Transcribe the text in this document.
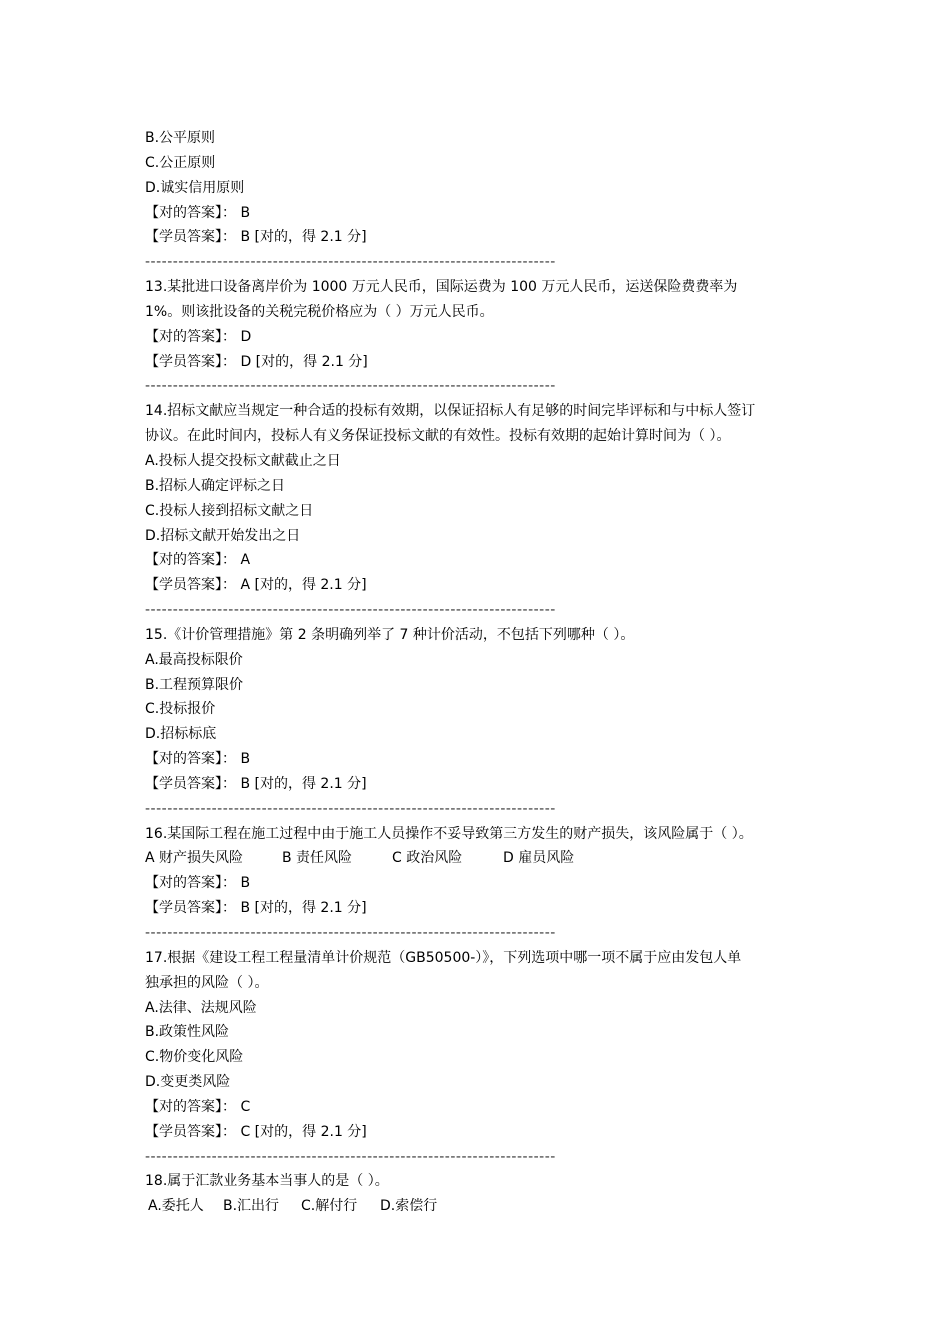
B.公平原则
C.公正原则
D.诚实信用原则
【对的答案】： B
【学员答案】： B [对的，得 2.1 分]
--------------------------------------------------------------------------
13.某批进口设备离岸价为 1000 万元人民币，国际运费为 100 万元人民币，运送保险费费率为
1%。则该批设备的关税完税价格应为（ ）万元人民币。
【对的答案】： D
【学员答案】： D [对的，得 2.1 分]
--------------------------------------------------------------------------
14.招标文献应当规定一种合适的投标有效期，以保证招标人有足够的时间完毕评标和与中标人签订
协议。在此时间内，投标人有义务保证投标文献的有效性。投标有效期的起始计算时间为（ ）。
A.投标人提交投标文献截止之日
B.招标人确定评标之日
C.投标人接到招标文献之日
D.招标文献开始发出之日
【对的答案】： A
【学员答案】： A [对的，得 2.1 分]
--------------------------------------------------------------------------
15.《计价管理措施》第 2 条明确列举了 7 种计价活动，不包括下列哪种（ ）。
A.最高投标限价
B.工程预算限价
C.投标报价
D.招标标底
【对的答案】： B
【学员答案】： B [对的，得 2.1 分]
--------------------------------------------------------------------------
16.某国际工程在施工过程中由于施工人员操作不妥导致第三方发生的财产损失，该风险属于（ ）。
A 财产损失风险	B 责任风险	C 政治风险	D 雇员风险
【对的答案】： B
【学员答案】： B [对的，得 2.1 分]
--------------------------------------------------------------------------
17.根据《建设工程工程量清单计价规范（GB50500-）》，下列选项中哪一项不属于应由发包人单
独承担的风险（ ）。
A.法律、法规风险
B.政策性风险
C.物价变化风险
D.变更类风险
【对的答案】： C
【学员答案】： C [对的，得 2.1 分]
--------------------------------------------------------------------------
18.属于汇款业务基本当事人的是（ ）。
A.委托人 B.汇出行 C.解付行 D.索偿行
